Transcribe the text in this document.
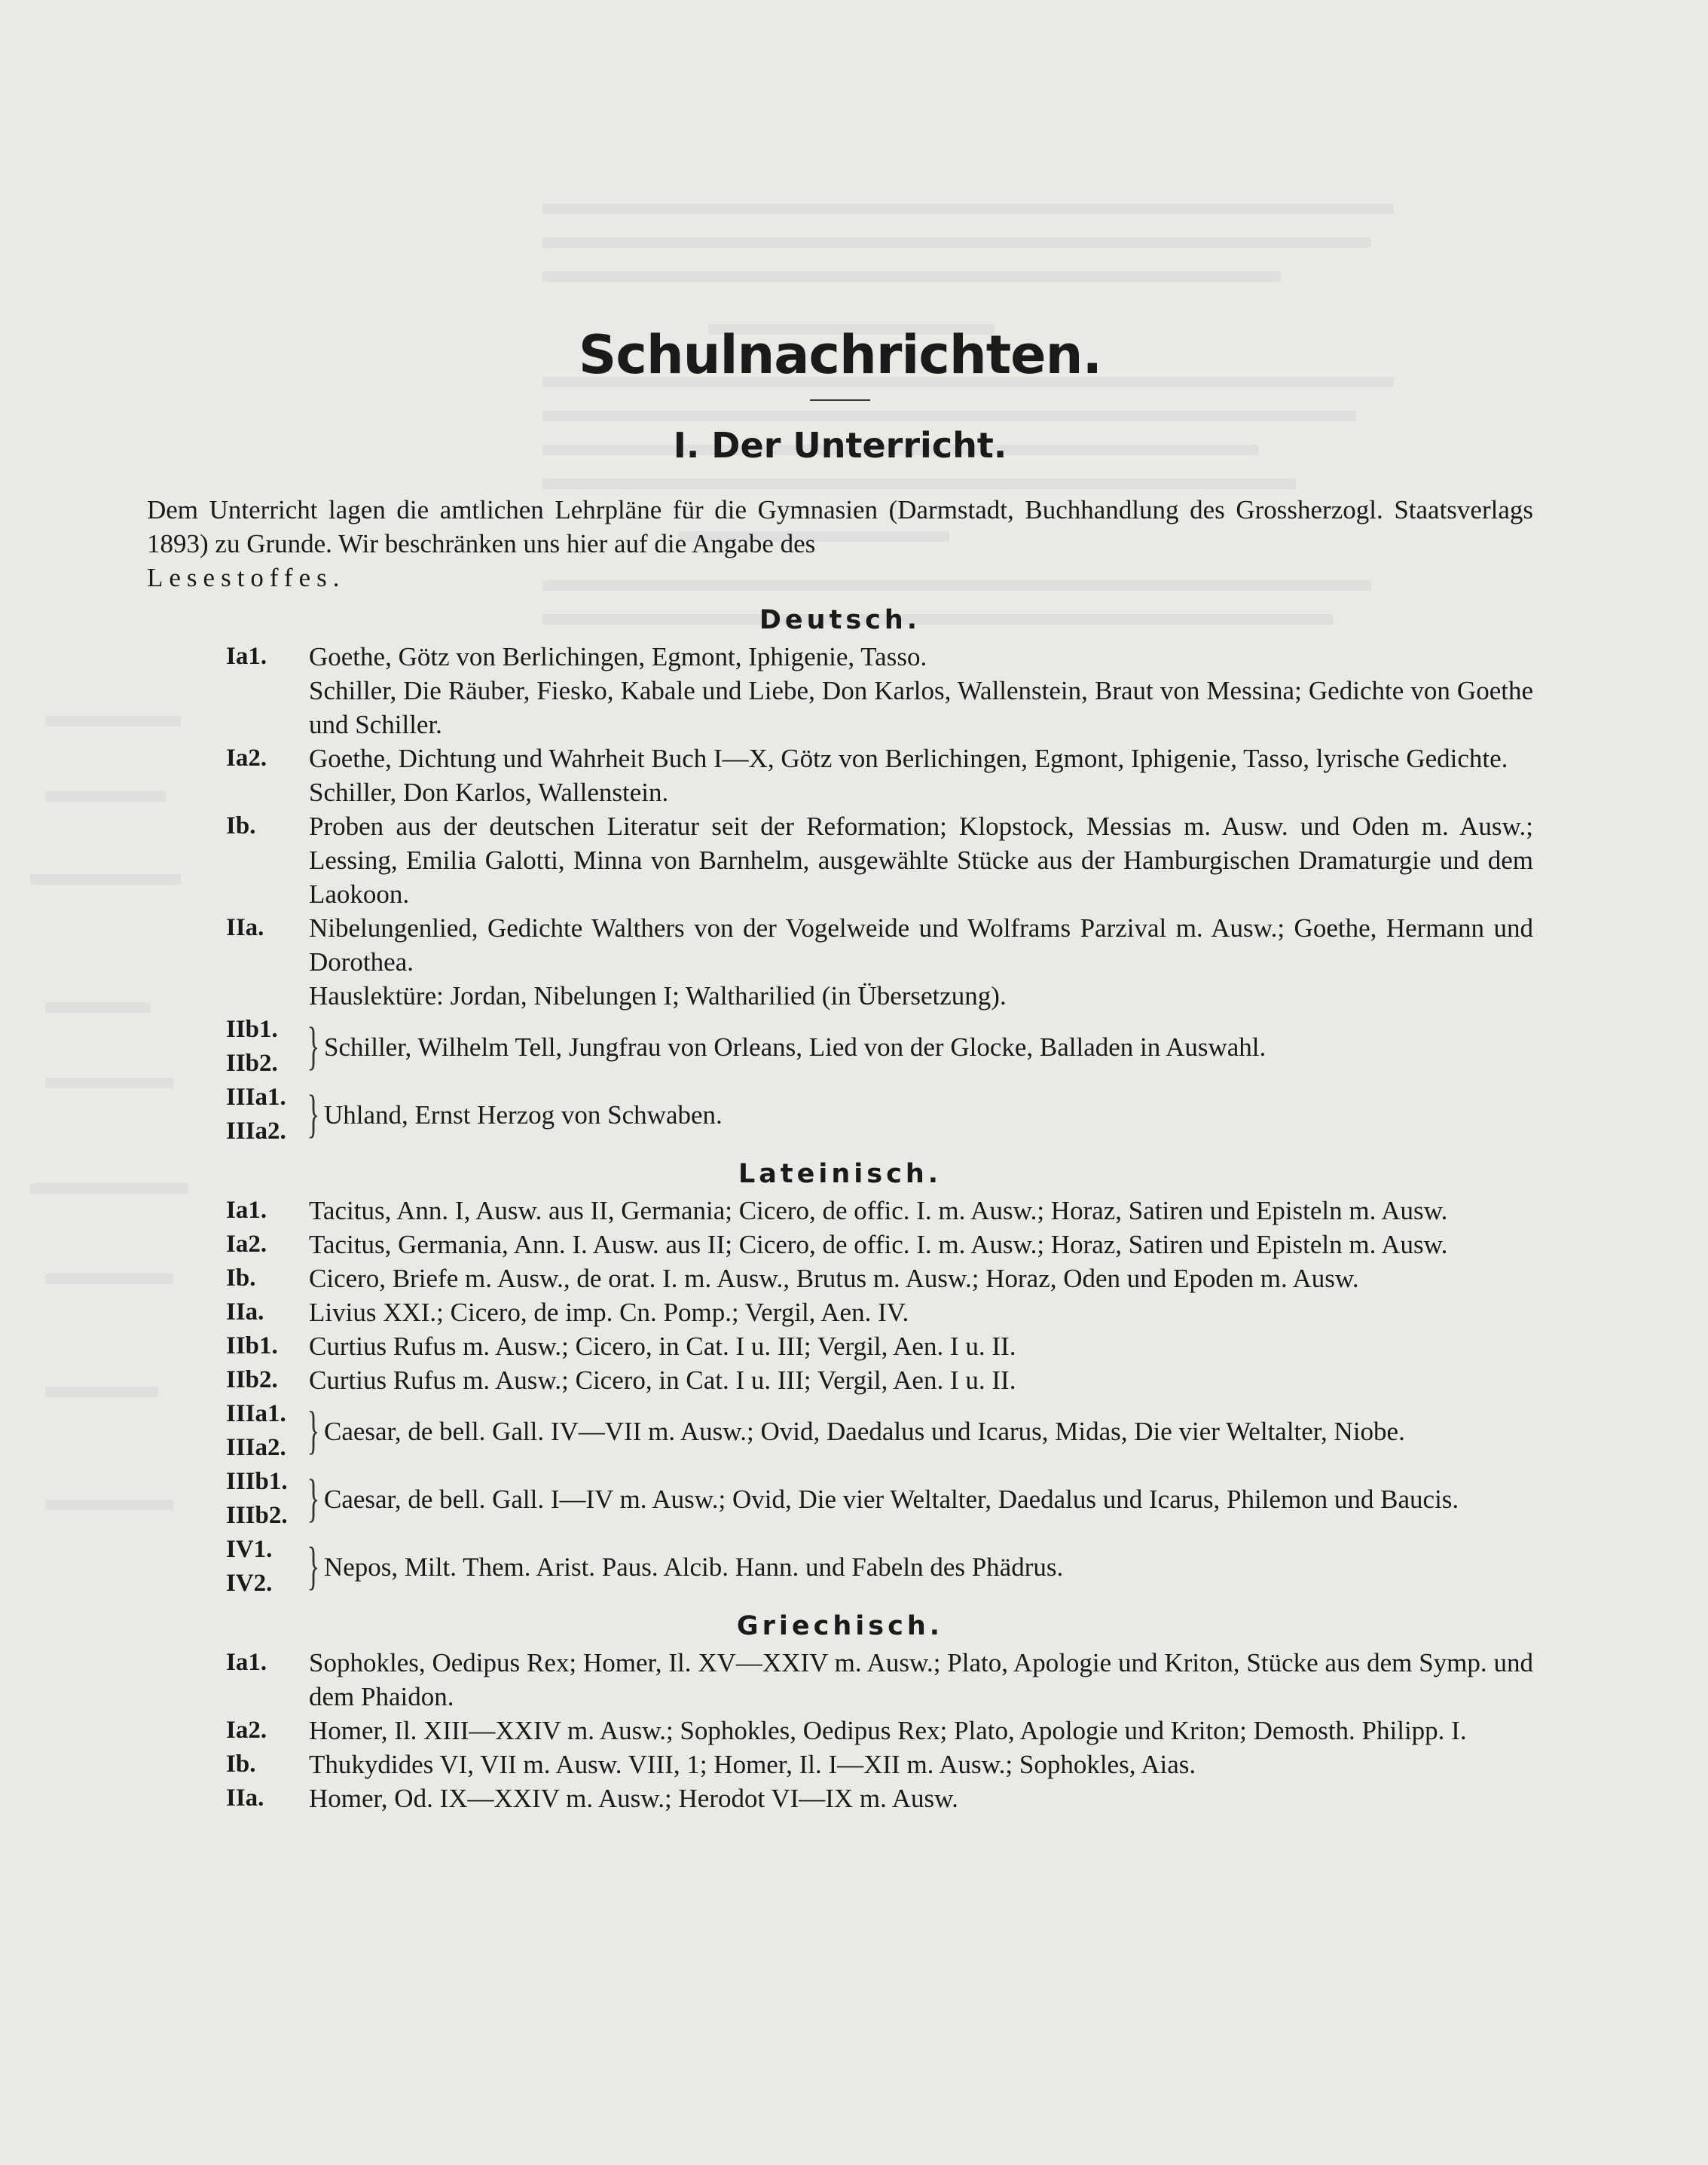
Schulnachrichten.
I. Der Unterricht.

Dem Unterricht lagen die amtlichen Lehrpläne für die Gymnasien (Darmstadt, Buchhandlung des Grossherzogl. Staatsverlags 1893) zu Grunde. Wir beschränken uns hier auf die Angabe des
Lesestoffes.

Deutsch.
Ia1.	Goethe, Götz von Berlichingen, Egmont, Iphigenie, Tasso.
Schiller, Die Räuber, Fiesko, Kabale und Liebe, Don Karlos, Wallenstein, Braut von Messina; Gedichte von Goethe und Schiller.
Ia2.	Goethe, Dichtung und Wahrheit Buch I—X, Götz von Berlichingen, Egmont, Iphigenie, Tasso, lyrische Gedichte.
Schiller, Don Karlos, Wallenstein.
Ib.	Proben aus der deutschen Literatur seit der Reformation; Klopstock, Messias m. Ausw. und Oden m. Ausw.; Lessing, Emilia Galotti, Minna von Barnhelm, ausgewählte Stücke aus der Hamburgischen Dramaturgie und dem Laokoon.
IIa.	Nibelungenlied, Gedichte Walthers von der Vogelweide und Wolframs Parzival m. Ausw.; Goethe, Hermann und Dorothea.
Hauslektüre: Jordan, Nibelungen I; Waltharilied (in Übersetzung).
IIb1.
IIb2. } Schiller, Wilhelm Tell, Jungfrau von Orleans, Lied von der Glocke, Balladen in Auswahl.
IIIa1.
IIIa2. } Uhland, Ernst Herzog von Schwaben.
Lateinisch.
Ia1.	Tacitus, Ann. I, Ausw. aus II, Germania; Cicero, de offic. I. m. Ausw.; Horaz, Satiren und Episteln m. Ausw.
Ia2.	Tacitus, Germania, Ann. I. Ausw. aus II; Cicero, de offic. I. m. Ausw.; Horaz, Satiren und Episteln m. Ausw.
Ib.	Cicero, Briefe m. Ausw., de orat. I. m. Ausw., Brutus m. Ausw.; Horaz, Oden und Epoden m. Ausw.
IIa.	Livius XXI.; Cicero, de imp. Cn. Pomp.; Vergil, Aen. IV.
IIb1.	Curtius Rufus m. Ausw.; Cicero, in Cat. I u. III; Vergil, Aen. I u. II.
IIb2.	Curtius Rufus m. Ausw.; Cicero, in Cat. I u. III; Vergil, Aen. I u. II.
IIIa1.
IIIa2. } Caesar, de bell. Gall. IV—VII m. Ausw.; Ovid, Daedalus und Icarus, Midas, Die vier Weltalter, Niobe.
IIIb1.
IIIb2. } Caesar, de bell. Gall. I—IV m. Ausw.; Ovid, Die vier Weltalter, Daedalus und Icarus, Philemon und Baucis.
IV1.
IV2. } Nepos, Milt. Them. Arist. Paus. Alcib. Hann. und Fabeln des Phädrus.
Griechisch.
Ia1.	Sophokles, Oedipus Rex; Homer, Il. XV—XXIV m. Ausw.; Plato, Apologie und Kriton, Stücke aus dem Symp. und dem Phaidon.
Ia2.	Homer, Il. XIII—XXIV m. Ausw.; Sophokles, Oedipus Rex; Plato, Apologie und Kriton; Demosth. Philipp. I.
Ib.	Thukydides VI, VII m. Ausw. VIII, 1; Homer, Il. I—XII m. Ausw.; Sophokles, Aias.
IIa.	Homer, Od. IX—XXIV m. Ausw.; Herodot VI—IX m. Ausw.
